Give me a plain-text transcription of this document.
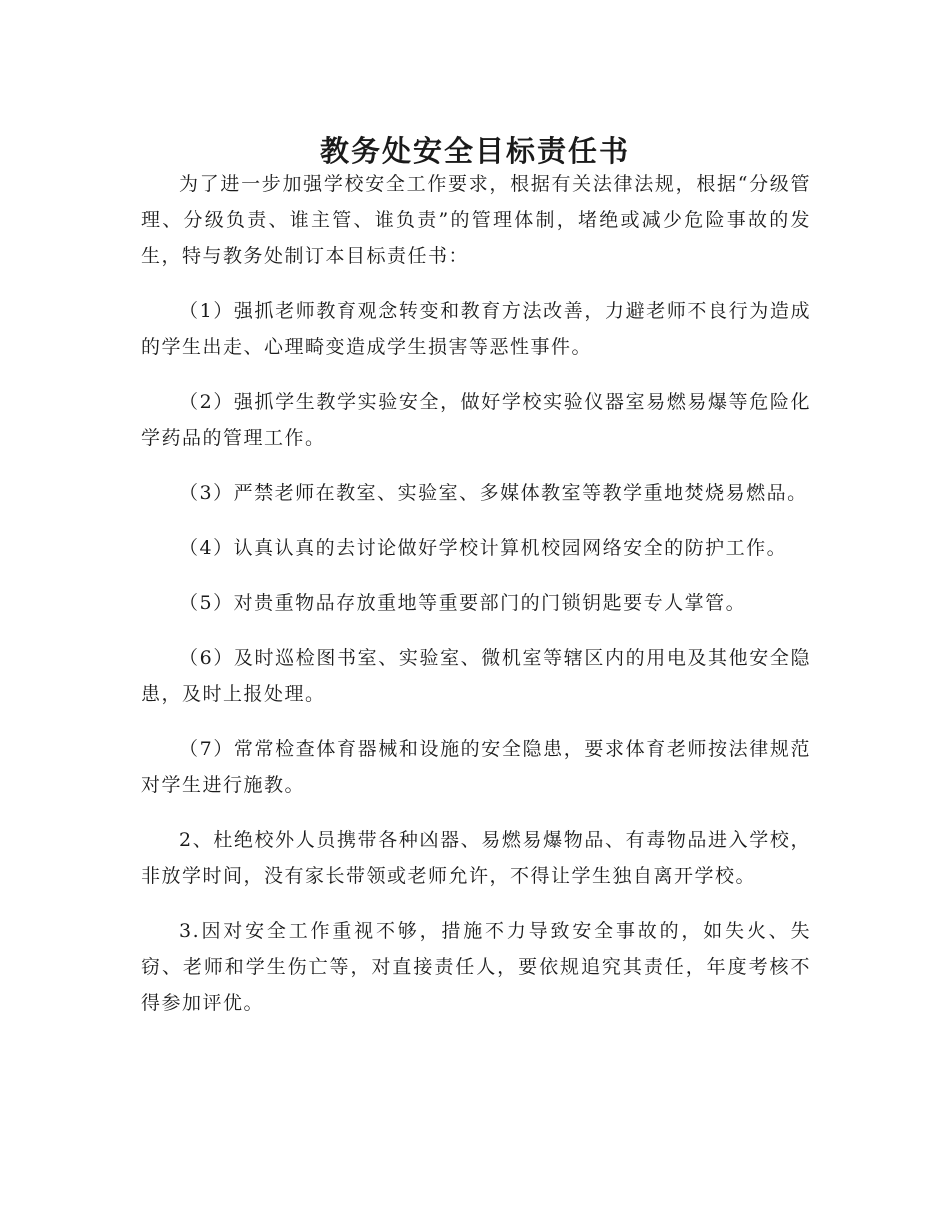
教务处安全目标责任书

为了进一步加强学校安全工作要求，根据有关法律法规，根据“分级管理、分级负责、谁主管、谁负责”的管理体制，堵绝或减少危险事故的发生，特与教务处制订本目标责任书：

（1）强抓老师教育观念转变和教育方法改善，力避老师不良行为造成的学生出走、心理畸变造成学生损害等恶性事件。

（2）强抓学生教学实验安全，做好学校实验仪器室易燃易爆等危险化学药品的管理工作。

（3）严禁老师在教室、实验室、多媒体教室等教学重地焚烧易燃品。

（4）认真认真的去讨论做好学校计算机校园网络安全的防护工作。

（5）对贵重物品存放重地等重要部门的门锁钥匙要专人掌管。

（6）及时巡检图书室、实验室、微机室等辖区内的用电及其他安全隐患，及时上报处理。

（7）常常检查体育器械和设施的安全隐患，要求体育老师按法律规范对学生进行施教。

2、杜绝校外人员携带各种凶器、易燃易爆物品、有毒物品进入学校，非放学时间，没有家长带领或老师允许，不得让学生独自离开学校。

3.因对安全工作重视不够，措施不力导致安全事故的，如失火、失窃、老师和学生伤亡等，对直接责任人，要依规追究其责任，年度考核不得参加评优。
